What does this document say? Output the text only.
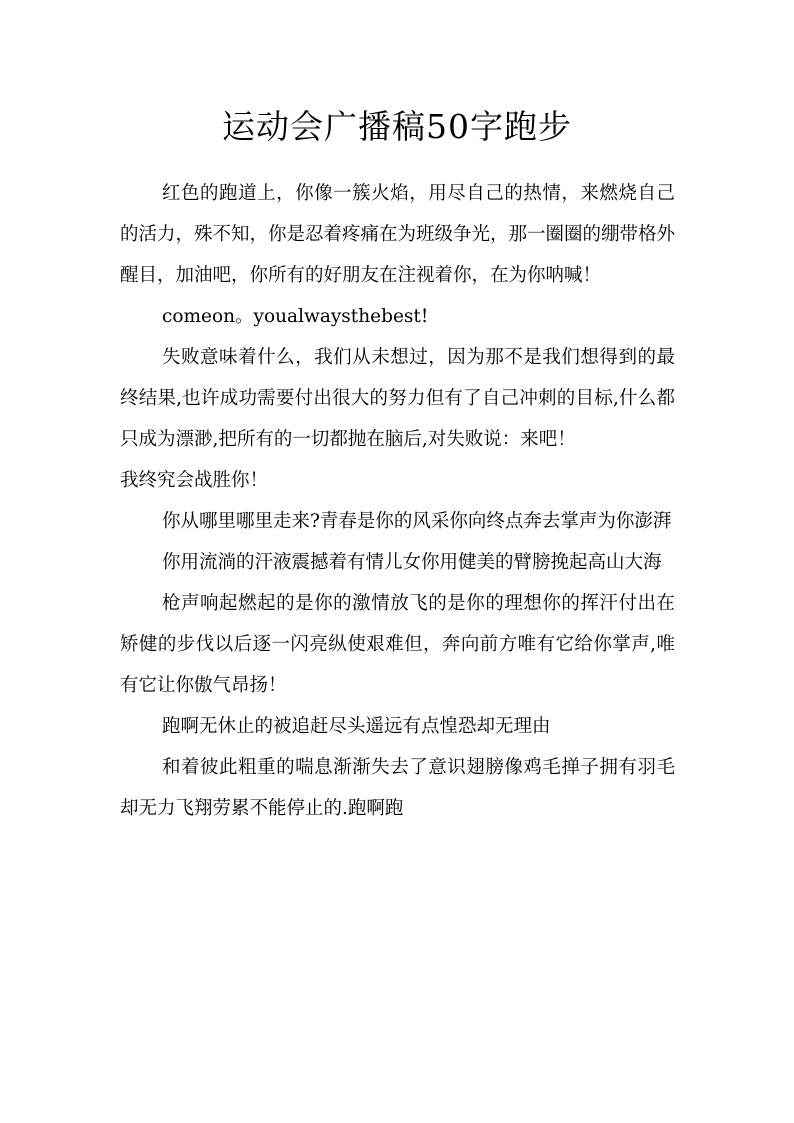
运动会广播稿50字跑步

红色的跑道上，你像一簇火焰，用尽自己的热情，来燃烧自己的活力，殊不知，你是忍着疼痛在为班级争光，那一圈圈的绷带格外醒目，加油吧，你所有的好朋友在注视着你，在为你呐喊！

comeon。youalwaysthebest!

失败意味着什么，我们从未想过，因为那不是我们想得到的最终结果,也许成功需要付出很大的努力但有了自己冲刺的目标,什么都只成为漂渺,把所有的一切都抛在脑后,对失败说：来吧！

我终究会战胜你！

你从哪里哪里走来?青春是你的风采你向终点奔去掌声为你澎湃

你用流淌的汗液震撼着有情儿女你用健美的臂膀挽起高山大海

枪声响起燃起的是你的激情放飞的是你的理想你的挥汗付出在矫健的步伐以后逐一闪亮纵使艰难但，奔向前方唯有它给你掌声,唯有它让你傲气昂扬！

跑啊无休止的被追赶尽头遥远有点惶恐却无理由

和着彼此粗重的喘息渐渐失去了意识翅膀像鸡毛掸子拥有羽毛却无力飞翔劳累不能停止的.跑啊跑
